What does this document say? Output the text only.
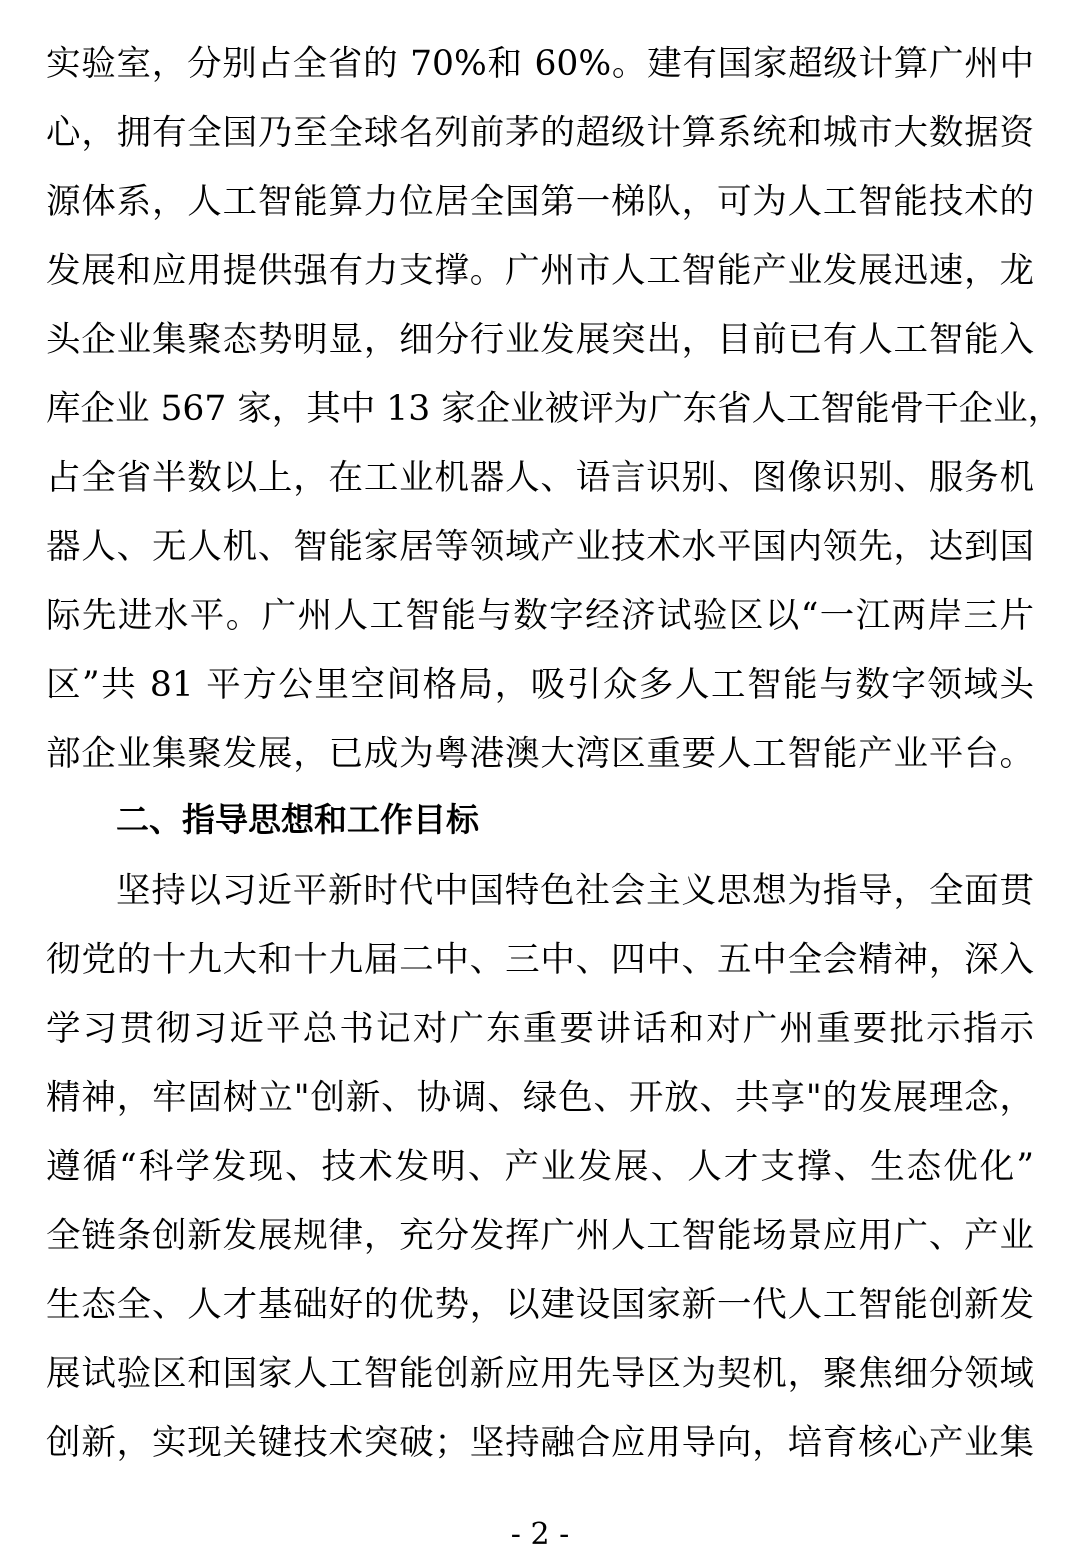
实验室，分别占全省的 70%和 60%。建有国家超级计算广州中
心，拥有全国乃至全球名列前茅的超级计算系统和城市大数据资
源体系，人工智能算力位居全国第一梯队，可为人工智能技术的
发展和应用提供强有力支撑。广州市人工智能产业发展迅速，龙
头企业集聚态势明显，细分行业发展突出，目前已有人工智能入
库企业 567 家，其中 13 家企业被评为广东省人工智能骨干企业，
占全省半数以上，在工业机器人、语言识别、图像识别、服务机
器人、无人机、智能家居等领域产业技术水平国内领先，达到国
际先进水平。广州人工智能与数字经济试验区以“一江两岸三片
区”共 81 平方公里空间格局，吸引众多人工智能与数字领域头
部企业集聚发展，已成为粤港澳大湾区重要人工智能产业平台。
二、指导思想和工作目标
坚持以习近平新时代中国特色社会主义思想为指导，全面贯
彻党的十九大和十九届二中、三中、四中、五中全会精神，深入
学习贯彻习近平总书记对广东重要讲话和对广州重要批示指示
精神，牢固树立"创新、协调、绿色、开放、共享"的发展理念，
遵循“科学发现、技术发明、产业发展、人才支撑、生态优化”
全链条创新发展规律，充分发挥广州人工智能场景应用广、产业
生态全、人才基础好的优势，以建设国家新一代人工智能创新发
展试验区和国家人工智能创新应用先导区为契机，聚焦细分领域
创新，实现关键技术突破；坚持融合应用导向，培育核心产业集
- 2 -
